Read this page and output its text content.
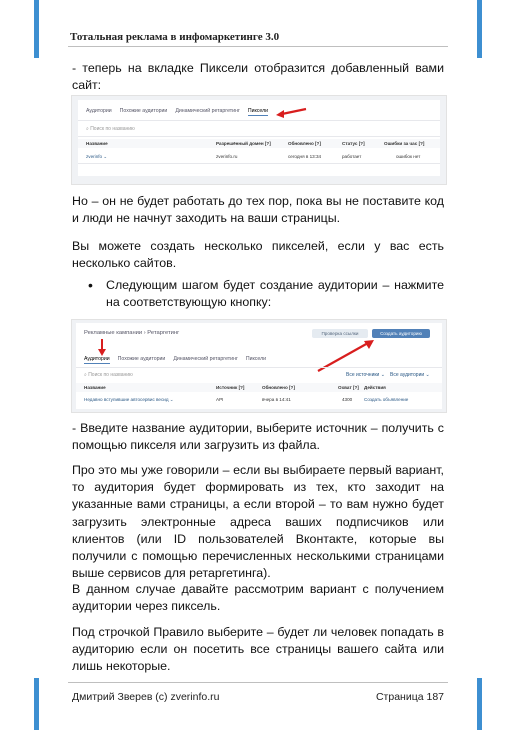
Тотальная реклама в инфомаркетинге 3.0

- теперь на вкладке Пиксели отобразится добавленный вами сайт:

Аудитории Похожие аудитории Динамический ретаргетинг Пиксели
⌕ Поиск по названию
Название	Разрешённый домен [?]	Обновлено [?]	Статус [?]	Ошибки за час [?]
zverinfo ⌄	zverinfo.ru	сегодня в 13:34	работает	ошибок нет

Но – он не будет работать до тех пор, пока вы не поставите код и люди не начнут заходить на ваши страницы.

Вы можете создать несколько пикселей, если у вас есть несколько сайтов.

• Следующим шагом будет создание аудитории – нажмите на соответствующую кнопку:

Рекламные кампании › Ретаргетинг	Проверка ссылки	Создать аудиторию
Аудитории Похожие аудитории Динамический ретаргетинг Пиксели
⌕ Поиск по названию	Все источники ⌄ Все аудитории ⌄
Название	Источник [?]	Обновлено [?]	Охват [?] Действия
Недавно вступившие автосервис весид ⌄	API	вчера в 14:41	4300	Создать объявление

- Введите название аудитории, выберите источник – получить с помощью пикселя или загрузить из файла.

Про это мы уже говорили – если вы выбираете первый вариант, то аудитория будет формировать из тех, кто заходит на указанные вами страницы, а если второй – то вам нужно будет загрузить электронные адреса ваших подписчиков или клиентов (или ID пользователей Вконтакте, которые вы получили с помощью перечисленных несколькими страницами выше сервисов для ретаргетинга).

В данном случае давайте рассмотрим вариант с получением аудитории через пиксель.

Под строчкой Правило выберите – будет ли человек попадать в аудиторию если он посетить все страницы вашего сайта или лишь некоторые.

Дмитрий Зверев (с) zverinfo.ru	Страница 187
